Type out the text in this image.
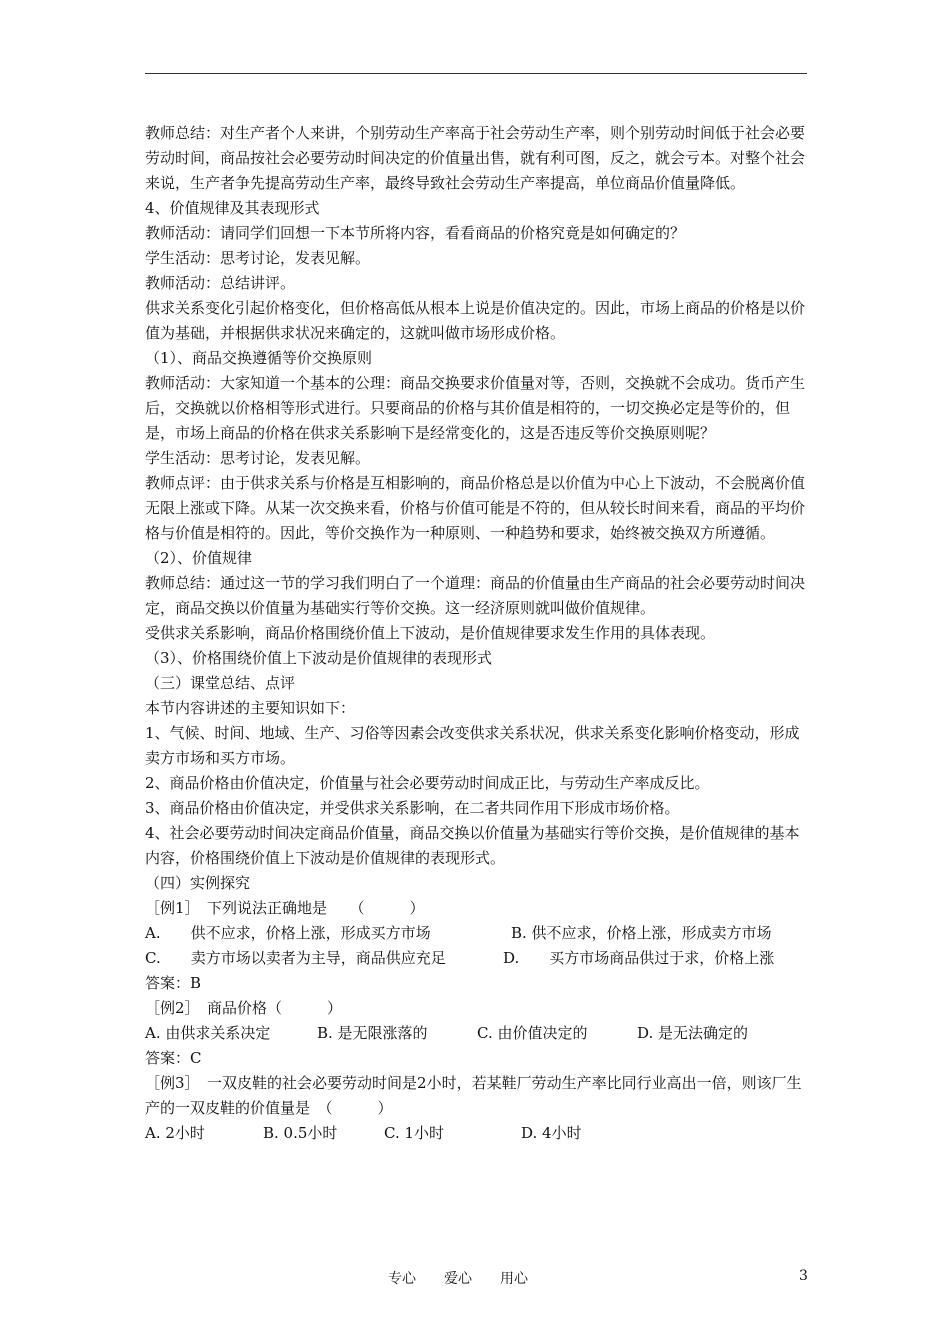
教师总结：对生产者个人来讲，个别劳动生产率高于社会劳动生产率，则个别劳动时间低于社会必要劳动时间，商品按社会必要劳动时间决定的价值量出售，就有利可图，反之，就会亏本。对整个社会来说，生产者争先提高劳动生产率，最终导致社会劳动生产率提高，单位商品价值量降低。

4、价值规律及其表现形式

教师活动：请同学们回想一下本节所将内容，看看商品的价格究竟是如何确定的？

学生活动：思考讨论，发表见解。

教师活动：总结讲评。

供求关系变化引起价格变化，但价格高低从根本上说是价值决定的。因此，市场上商品的价格是以价值为基础，并根据供求状况来确定的，这就叫做市场形成价格。

（1）、商品交换遵循等价交换原则

教师活动：大家知道一个基本的公理：商品交换要求价值量对等，否则，交换就不会成功。货币产生后，交换就以价格相等形式进行。只要商品的价格与其价值是相符的，一切交换必定是等价的，但是，市场上商品的价格在供求关系影响下是经常变化的，这是否违反等价交换原则呢？

学生活动：思考讨论，发表见解。

教师点评：由于供求关系与价格是互相影响的，商品价格总是以价值为中心上下波动，不会脱离价值无限上涨或下降。从某一次交换来看，价格与价值可能是不符的，但从较长时间来看，商品的平均价格与价值是相符的。因此，等价交换作为一种原则、一种趋势和要求，始终被交换双方所遵循。

（2）、价值规律

教师总结：通过这一节的学习我们明白了一个道理：商品的价值量由生产商品的社会必要劳动时间决定，商品交换以价值量为基础实行等价交换。这一经济原则就叫做价值规律。

受供求关系影响，商品价格围绕价值上下波动，是价值规律要求发生作用的具体表现。

（3）、价格围绕价值上下波动是价值规律的表现形式

（三）课堂总结、点评

本节内容讲述的主要知识如下：

1、气候、时间、地域、生产、习俗等因素会改变供求关系状况，供求关系变化影响价格变动，形成卖方市场和买方市场。

2、商品价格由价值决定，价值量与社会必要劳动时间成正比，与劳动生产率成反比。

3、商品价格由价值决定，并受供求关系影响，在二者共同作用下形成市场价格。

4、社会必要劳动时间决定商品价值量，商品交换以价值量为基础实行等价交换，是价值规律的基本内容，价格围绕价值上下波动是价值规律的表现形式。

（四）实例探究

［例1］　下列说法正确地是　　（　　　）

A.　　供不应求，价格上涨，形成买方市场	B. 供不应求，价格上涨，形成卖方市场
C.　　卖方市场以卖者为主导，商品供应充足	D.　　买方市场商品供过于求，价格上涨

答案：B

［例2］　商品价格（　　　）

A. 由供求关系决定	B. 是无限涨落的	C. 由价值决定的	D. 是无法确定的

答案：C

［例3］　一双皮鞋的社会必要劳动时间是2小时，若某鞋厂劳动生产率比同行业高出一倍，则该厂生产的一双皮鞋的价值量是　（　　　）

A. 2小时	B. 0.5小时	C. 1小时	D. 4小时
专心　　爱心　　用心	3
